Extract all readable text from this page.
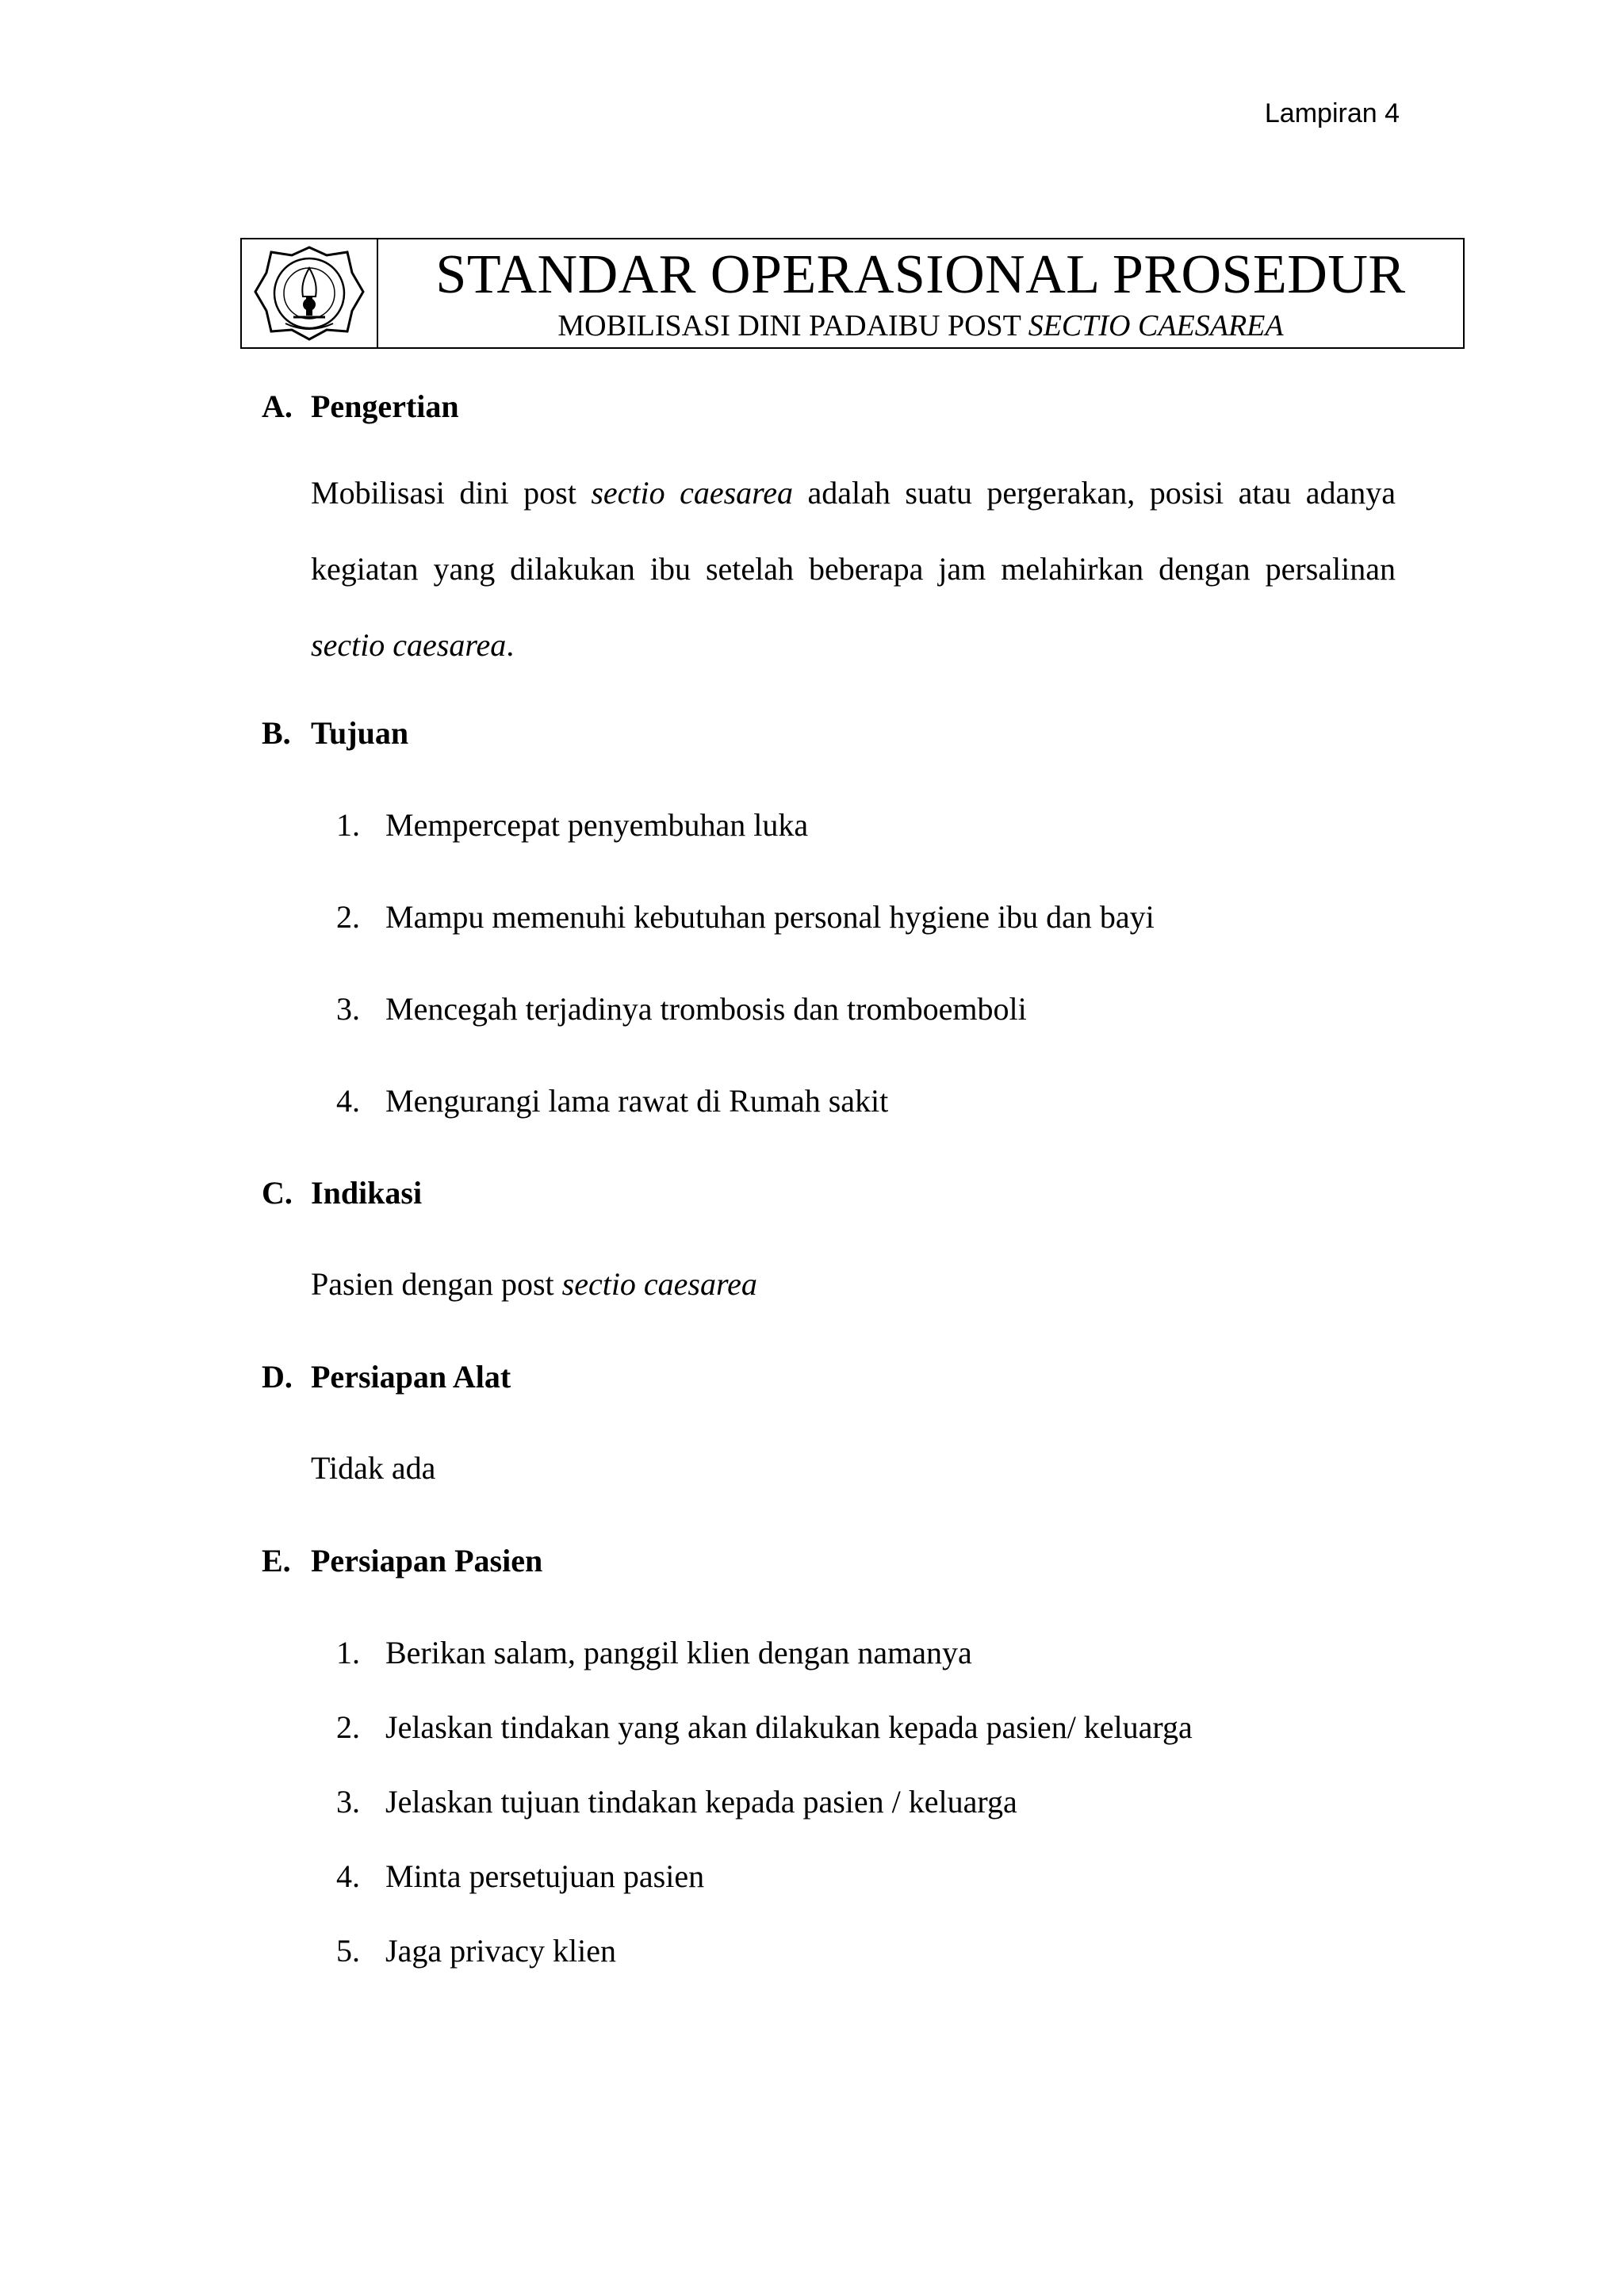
Lampiran 4
STANDAR OPERASIONAL PROSEDUR
MOBILISASI DINI PADAIBU POST SECTIO CAESAREA
A. Pengertian
Mobilisasi dini post sectio caesarea adalah suatu pergerakan, posisi atau adanya kegiatan yang dilakukan ibu setelah beberapa jam melahirkan dengan persalinan sectio caesarea.
B. Tujuan
1. Mempercepat penyembuhan luka
2. Mampu memenuhi kebutuhan personal hygiene ibu dan bayi
3. Mencegah terjadinya trombosis dan tromboemboli
4. Mengurangi lama rawat di Rumah sakit
C. Indikasi
Pasien dengan post sectio caesarea
D. Persiapan Alat
Tidak ada
E. Persiapan Pasien
1. Berikan salam, panggil klien dengan namanya
2. Jelaskan tindakan yang akan dilakukan kepada pasien/ keluarga
3. Jelaskan tujuan tindakan kepada pasien / keluarga
4. Minta persetujuan pasien
5. Jaga privacy klien
